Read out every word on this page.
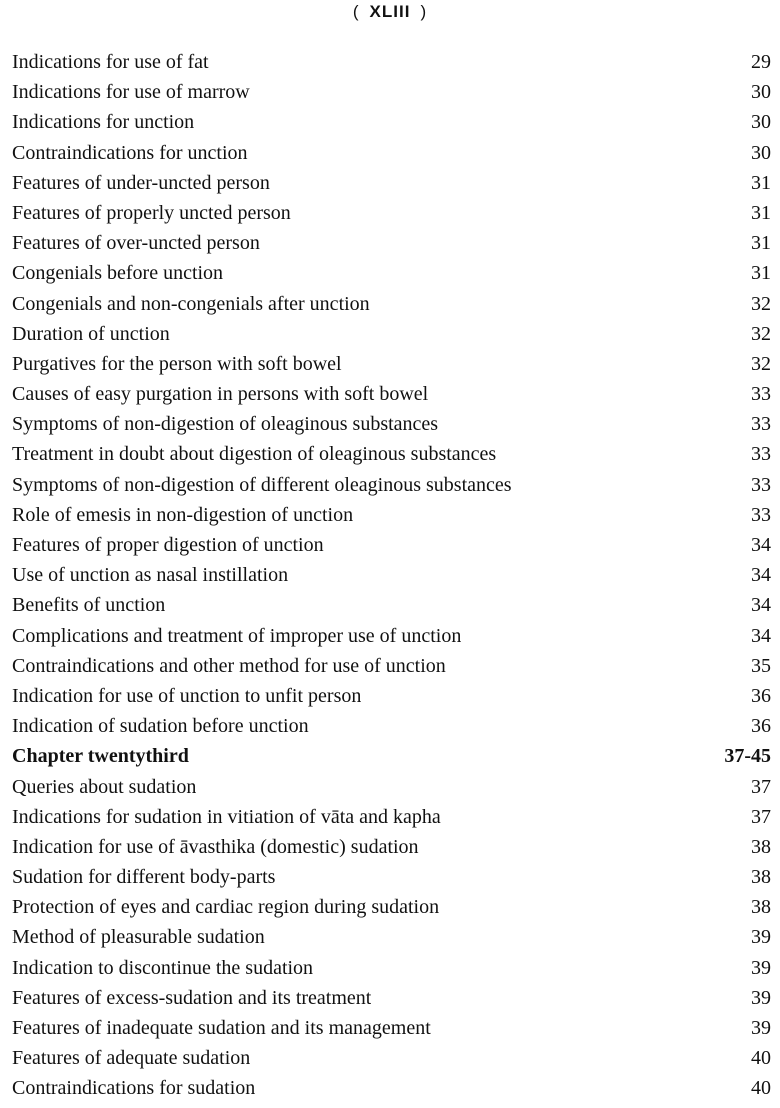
( XLIII )
Indications for use of fat	29
Indications for use of marrow	30
Indications for unction	30
Contraindications for unction	30
Features of under-uncted person	31
Features of properly uncted person	31
Features of over-uncted person	31
Congenials before unction	31
Congenials and non-congenials after unction	32
Duration of unction	32
Purgatives for the person with soft bowel	32
Causes of easy purgation in persons with soft bowel	33
Symptoms of non-digestion of oleaginous substances	33
Treatment in doubt about digestion of oleaginous substances	33
Symptoms of non-digestion of different oleaginous substances	33
Role of emesis in non-digestion of unction	33
Features of proper digestion of unction	34
Use of unction as nasal instillation	34
Benefits of unction	34
Complications and treatment of improper use of unction	34
Contraindications and other method for use of unction	35
Indication for use of unction to unfit person	36
Indication of sudation before unction	36
Chapter twentythird	37-45
Queries about sudation	37
Indications for sudation in vitiation of vāta and kapha	37
Indication for use of āvasthika (domestic) sudation	38
Sudation for different body-parts	38
Protection of eyes and cardiac region during sudation	38
Method of pleasurable sudation	39
Indication to discontinue the sudation	39
Features of excess-sudation and its treatment	39
Features of inadequate sudation and its management	39
Features of adequate sudation	40
Contraindications for sudation	40
